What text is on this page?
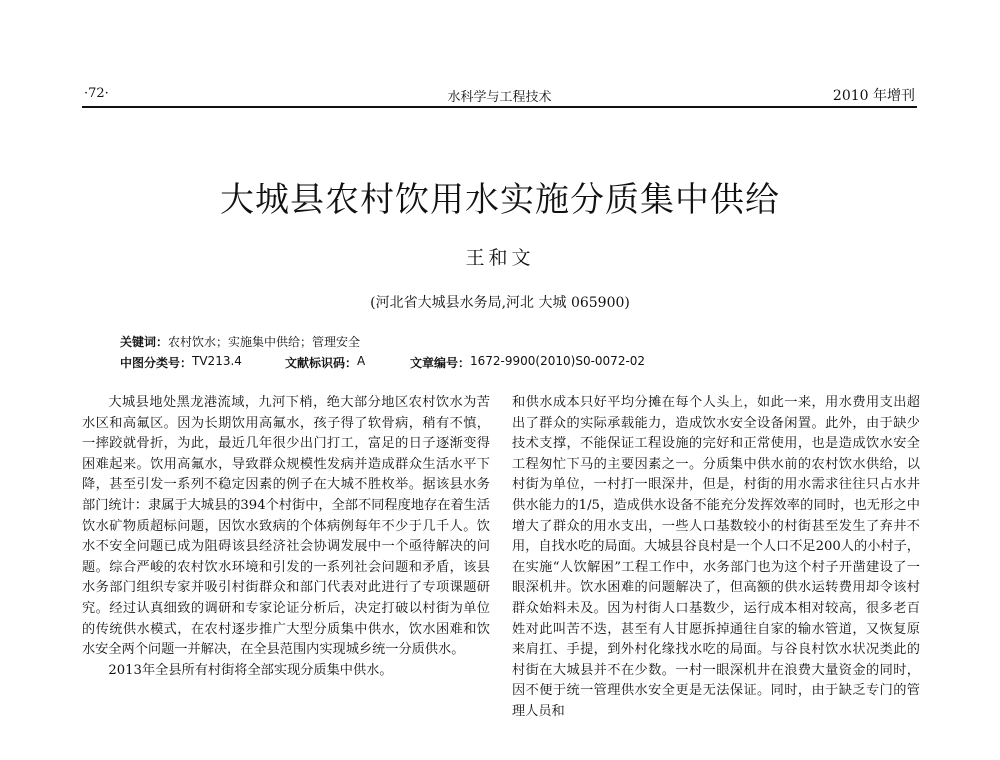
·72·	水科学与工程技术	2010 年增刊
大城县农村饮用水实施分质集中供给
王和文
(河北省大城县水务局,河北 大城 065900)
关键词：农村饮水；实施集中供给；管理安全
中图分类号： TV213.4	文献标识码： A	文章编号： 1672-9900(2010)S0-0072-02

大城县地处黑龙港流域，九河下梢，绝大部分地区农村饮水为苦水区和高氟区。因为长期饮用高氟水，孩子得了软骨病，稍有不慎，一摔跤就骨折，为此，最近几年很少出门打工，富足的日子逐渐变得困难起来。饮用高氟水，导致群众规模性发病并造成群众生活水平下降，甚至引发一系列不稳定因素的例子在大城不胜枚举。据该县水务部门统计：隶属于大城县的394个村街中，全部不同程度地存在着生活饮水矿物质超标问题，因饮水致病的个体病例每年不少于几千人。饮水不安全问题已成为阻碍该县经济社会协调发展中一个亟待解决的问题。综合严峻的农村饮水环境和引发的一系列社会问题和矛盾，该县水务部门组织专家并吸引村街群众和部门代表对此进行了专项课题研究。经过认真细致的调研和专家论证分析后，决定打破以村街为单位的传统供水模式，在农村逐步推广大型分质集中供水，饮水困难和饮水安全两个问题一并解决，在全县范围内实现城乡统一分质供水。

2013年全县所有村街将全部实现分质集中供水。

和供水成本只好平均分摊在每个人头上，如此一来，用水费用支出超出了群众的实际承载能力，造成饮水安全设备闲置。此外，由于缺少技术支撑，不能保证工程设施的完好和正常使用，也是造成饮水安全工程匆忙下马的主要因素之一。分质集中供水前的农村饮水供给，以村街为单位，一村打一眼深井，但是，村街的用水需求往往只占水井供水能力的1/5，造成供水设备不能充分发挥效率的同时，也无形之中增大了群众的用水支出，一些人口基数较小的村街甚至发生了弃井不用，自找水吃的局面。大城县谷良村是一个人口不足200人的小村子，在实施“人饮解困”工程工作中，水务部门也为这个村子开凿建设了一眼深机井。饮水困难的问题解决了，但高额的供水运转费用却令该村群众始料未及。因为村街人口基数少，运行成本相对较高，很多老百姓对此叫苦不迭，甚至有人甘愿拆掉通往自家的输水管道，又恢复原来肩扛、手提，到外村化缘找水吃的局面。与谷良村饮水状况类此的村街在大城县并不在少数。一村一眼深机井在浪费大量资金的同时，因不便于统一管理供水安全更是无法保证。同时，由于缺乏专门的管理人员和
